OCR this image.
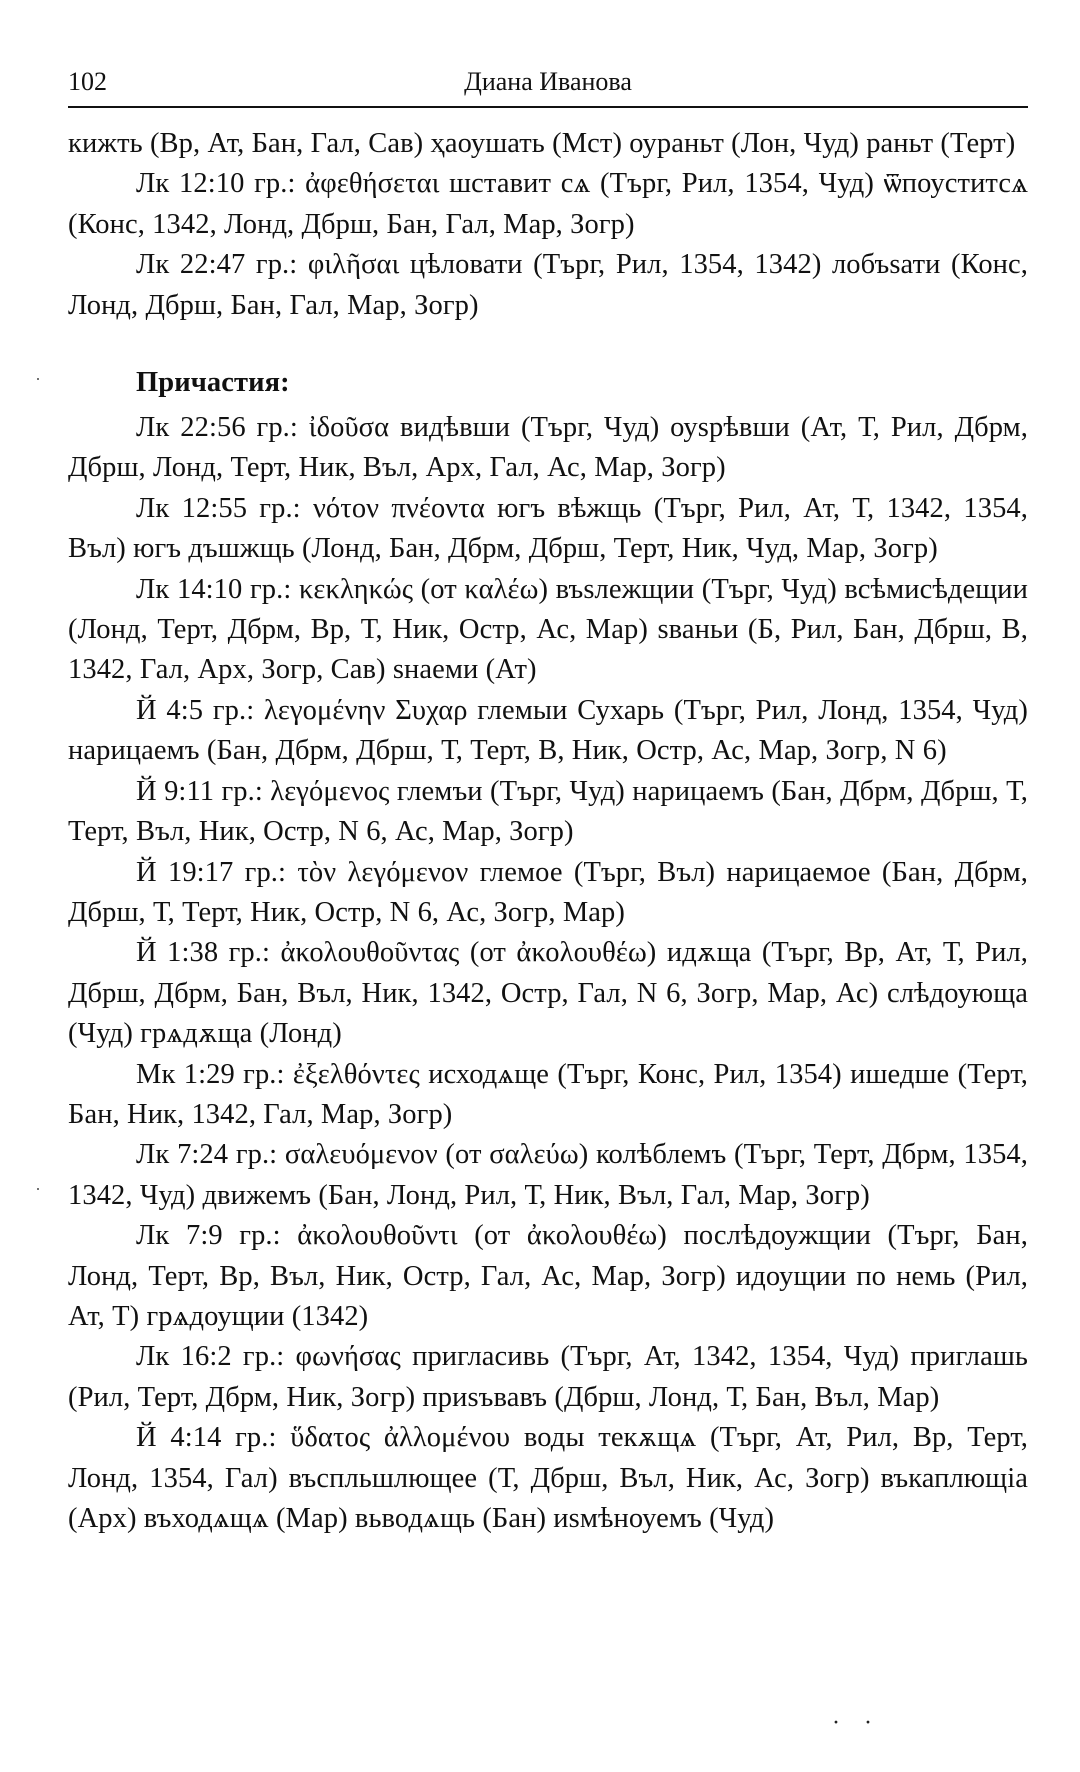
102	Диана Иванова

кижть (Вр, Ат, Бан, Гал, Сав) ҳаоушать (Мст) оураньт (Лон, Чуд) раньт (Терт)

Лк 12:10 гр.: ἀφεθήσεται шставит сѧ (Търг, Рил, 1354, Чуд) ѿпоуститсѧ (Конс, 1342, Лонд, Дбрш, Бан, Гал, Мар, Зогр)

Лк 22:47 гр.: φιλῆσαι цѣловати (Търг, Рил, 1354, 1342) лобъѕати (Конс, Лонд, Дбрш, Бан, Гал, Мар, Зогр)

Причастия:

Лк 22:56 гр.: ἰδοῦσα видѣвши (Търг, Чуд) оуѕрѣвши (Ат, Т, Рил, Дбрм, Дбрш, Лонд, Терт, Ник, Въл, Арх, Гал, Ас, Мар, Зогр)

Лк 12:55 гр.: νότον πνέοντα югъ вѣжщь (Търг, Рил, Ат, Т, 1342, 1354, Въл) югъ дъшжщь (Лонд, Бан, Дбрм, Дбрш, Терт, Ник, Чуд, Мар, Зогр)

Лк 14:10 гр.: κεκληκώς (от καλέω) въѕлежщии (Търг, Чуд) всѣмисѣдещии (Лонд, Терт, Дбрм, Вр, Т, Ник, Остр, Ас, Мар) ѕваньи (Б, Рил, Бан, Дбрш, В, 1342, Гал, Арх, Зогр, Сав) ѕнаеми (Ат)

Й 4:5 гр.: λεγομένην Συχαρ глемыи Сухарь (Търг, Рил, Лонд, 1354, Чуд) нарицаемъ (Бан, Дбрм, Дбрш, Т, Терт, В, Ник, Остр, Ас, Мар, Зогр, N 6)

Й 9:11 гр.: λεγόμενος глемъи (Търг, Чуд) нарицаемъ (Бан, Дбрм, Дбрш, Т, Терт, Въл, Ник, Остр, N 6, Ас, Мар, Зогр)

Й 19:17 гр.: τὸν λεγόμενον глемое (Търг, Въл) нарицаемое (Бан, Дбрм, Дбрш, Т, Терт, Ник, Остр, N 6, Ас, Зогр, Мар)

Й 1:38 гр.: ἀκολουθοῦντας (от ἀκολουθέω) идѫща (Търг, Вр, Ат, Т, Рил, Дбрш, Дбрм, Бан, Въл, Ник, 1342, Остр, Гал, N 6, Зогр, Мар, Ас) слѣдоующа (Чуд) грѧдѫща (Лонд)

Мк 1:29 гр.: ἐξελθόντες исходѧще (Търг, Конс, Рил, 1354) ишедше (Терт, Бан, Ник, 1342, Гал, Мар, Зогр)

Лк 7:24 гр.: σαλευόμενον (от σαλεύω) колѣблемъ (Търг, Терт, Дбрм, 1354, 1342, Чуд) движемъ (Бан, Лонд, Рил, Т, Ник, Въл, Гал, Мар, Зогр)

Лк 7:9 гр.: ἀκολουθοῦντι (от ἀκολουθέω) послѣдоужщии (Търг, Бан, Лонд, Терт, Вр, Въл, Ник, Остр, Гал, Ас, Мар, Зогр) идоущии по немь (Рил, Ат, Т) грѧдоущии (1342)

Лк 16:2 гр.: φωνήσας пригласивь (Търг, Ат, 1342, 1354, Чуд) приглашь (Рил, Терт, Дбрм, Ник, Зогр) приѕъвавъ (Дбрш, Лонд, Т, Бан, Въл, Мар)

Й 4:14 гр.: ὕδατος ἀλλομένου воды текѫщѧ (Търг, Ат, Рил, Вр, Терт, Лонд, 1354, Гал) въспльшлющее (Т, Дбрш, Въл, Ник, Ас, Зогр) въкаплющіа (Арх) въходѧщѧ (Мар) вьводѧщь (Бан) иѕмѣноуемъ (Чуд)

··
